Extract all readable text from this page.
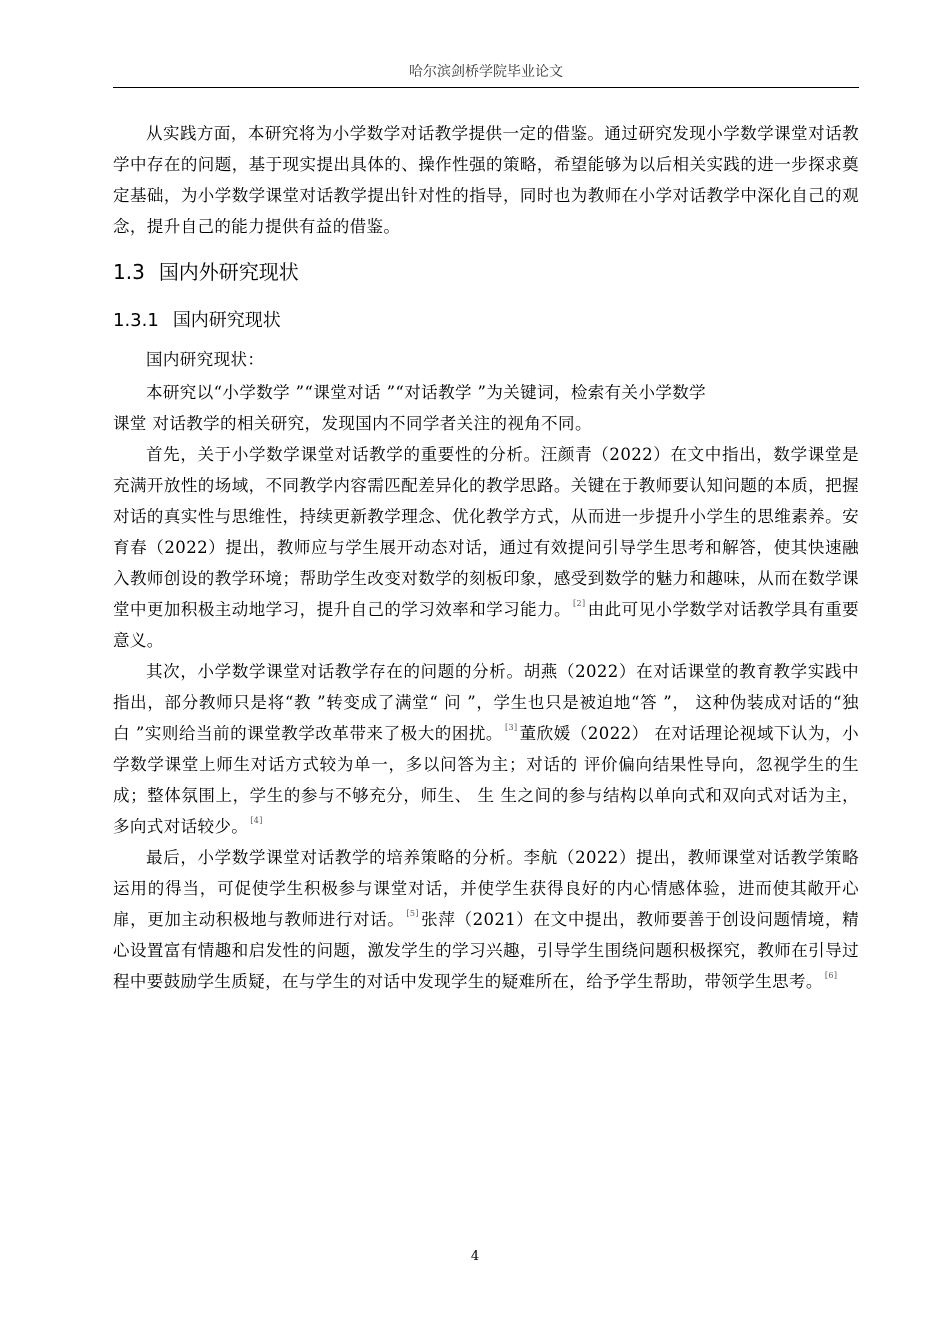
哈尔滨剑桥学院毕业论文

从实践方面，本研究将为小学数学对话教学提供一定的借鉴。通过研究发现小学数学课堂对话教学中存在的问题，基于现实提出具体的、操作性强的策略，希望能够为以后相关实践的进一步探求奠定基础，为小学数学课堂对话教学提出针对性的指导，同时也为教师在小学对话教学中深化自己的观念，提升自己的能力提供有益的借鉴。

1.3 国内外研究现状
1.3.1 国内研究现状

国内研究现状：

本研究以“小学数学 ”“课堂对话 ”“对话教学 ”为关键词，检索有关小学数学

课堂 对话教学的相关研究，发现国内不同学者关注的视角不同。

首先，关于小学数学课堂对话教学的重要性的分析。汪颜青（2022）在文中指出，数学课堂是充满开放性的场域，不同教学内容需匹配差异化的教学思路。关键在于教师要认知问题的本质，把握对话的真实性与思维性，持续更新教学理念、优化教学方式，从而进一步提升小学生的思维素养。安育春（2022）提出，教师应与学生展开动态对话，通过有效提问引导学生思考和解答，使其快速融入教师创设的教学环境；帮助学生改变对数学的刻板印象，感受到数学的魅力和趣味，从而在数学课堂中更加积极主动地学习，提升自己的学习效率和学习能力。 [2] 由此可见小学数学对话教学具有重要意义。

其次，小学数学课堂对话教学存在的问题的分析。胡燕（2022）在对话课堂的教育教学实践中指出，部分教师只是将“教 ”转变成了满堂“ 问 ”，学生也只是被迫地“答 ”， 这种伪装成对话的“独白 ”实则给当前的课堂教学改革带来了极大的困扰。 [3] 董欣媛（2022） 在对话理论视域下认为，小学数学课堂上师生对话方式较为单一，多以问答为主；对话的 评价偏向结果性导向，忽视学生的生成；整体氛围上，学生的参与不够充分，师生、 生 生之间的参与结构以单向式和双向式对话为主，多向式对话较少。 [4]

最后，小学数学课堂对话教学的培养策略的分析。李航（2022）提出，教师课堂对话教学策略运用的得当，可促使学生积极参与课堂对话，并使学生获得良好的内心情感体验，进而使其敞开心扉，更加主动积极地与教师进行对话。 [5] 张萍（2021）在文中提出，教师要善于创设问题情境，精心设置富有情趣和启发性的问题，激发学生的学习兴趣，引导学生围绕问题积极探究，教师在引导过程中要鼓励学生质疑，在与学生的对话中发现学生的疑难所在，给予学生帮助，带领学生思考。 [6]

4
